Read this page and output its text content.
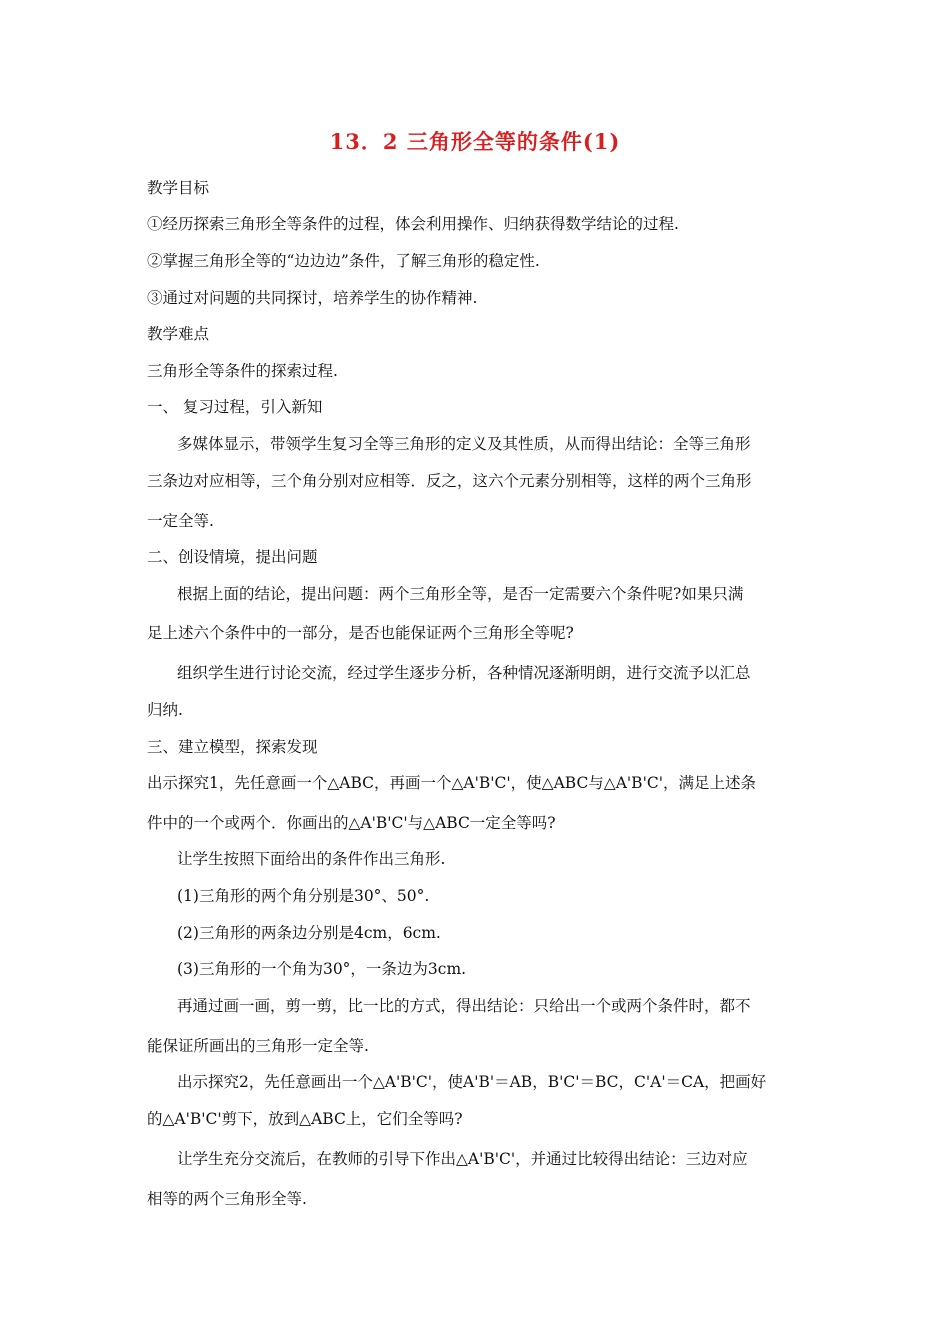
13．2 三角形全等的条件(1)
教学目标
①经历探索三角形全等条件的过程，体会利用操作、归纳获得数学结论的过程.
②掌握三角形全等的“边边边”条件，了解三角形的稳定性.
③通过对问题的共同探讨，培养学生的协作精神.
教学难点
三角形全等条件的探索过程.
一、 复习过程，引入新知
多媒体显示，带领学生复习全等三角形的定义及其性质，从而得出结论：全等三角形
三条边对应相等，三个角分别对应相等．反之，这六个元素分别相等，这样的两个三角形
一定全等.
二、创设情境，提出问题
根据上面的结论，提出问题：两个三角形全等，是否一定需要六个条件呢?如果只满
足上述六个条件中的一部分，是否也能保证两个三角形全等呢?
组织学生进行讨论交流，经过学生逐步分析，各种情况逐渐明朗，进行交流予以汇总
归纳.
三、建立模型，探索发现
出示探究1，先任意画一个△ABC，再画一个△A'B'C'，使△ABC与△A'B'C'，满足上述条
件中的一个或两个．你画出的△A'B'C'与△ABC一定全等吗?
让学生按照下面给出的条件作出三角形.
(1)三角形的两个角分别是30°、50°.
(2)三角形的两条边分别是4cm，6cm.
(3)三角形的一个角为30°，一条边为3cm.
再通过画一画，剪一剪，比一比的方式，得出结论：只给出一个或两个条件时，都不
能保证所画出的三角形一定全等.
出示探究2，先任意画出一个△A'B'C'，使A'B'＝AB，B'C'＝BC，C'A'＝CA，把画好
的△A'B'C'剪下，放到△ABC上，它们全等吗?
让学生充分交流后，在教师的引导下作出△A'B'C'，并通过比较得出结论：三边对应
相等的两个三角形全等.
